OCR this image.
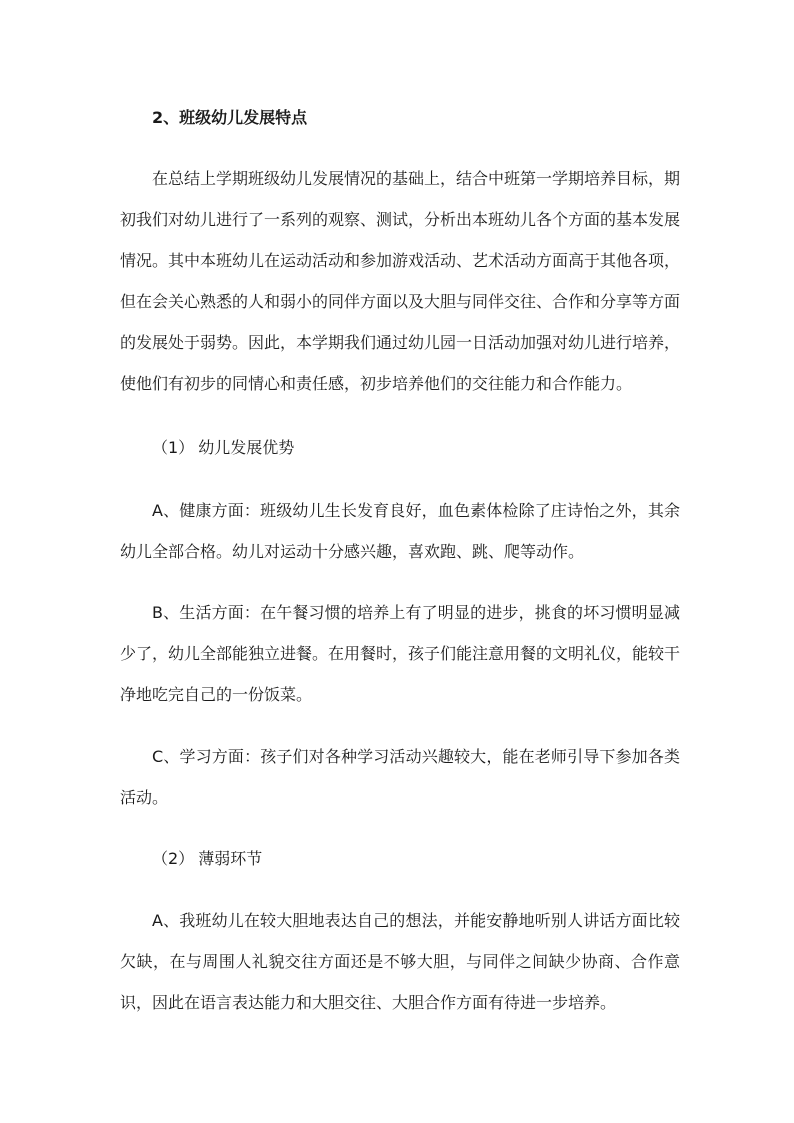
2、班级幼儿发展特点

在总结上学期班级幼儿发展情况的基础上，结合中班第一学期培养目标，期初我们对幼儿进行了一系列的观察、测试，分析出本班幼儿各个方面的基本发展情况。其中本班幼儿在运动活动和参加游戏活动、艺术活动方面高于其他各项，但在会关心熟悉的人和弱小的同伴方面以及大胆与同伴交往、合作和分享等方面的发展处于弱势。因此，本学期我们通过幼儿园一日活动加强对幼儿进行培养，使他们有初步的同情心和责任感，初步培养他们的交往能力和合作能力。

（1） 幼儿发展优势

A、健康方面：班级幼儿生长发育良好，血色素体检除了庄诗怡之外，其余幼儿全部合格。幼儿对运动十分感兴趣，喜欢跑、跳、爬等动作。

B、生活方面：在午餐习惯的培养上有了明显的进步，挑食的坏习惯明显减少了，幼儿全部能独立进餐。在用餐时，孩子们能注意用餐的文明礼仪，能较干净地吃完自己的一份饭菜。

C、学习方面：孩子们对各种学习活动兴趣较大，能在老师引导下参加各类活动。

（2） 薄弱环节

A、我班幼儿在较大胆地表达自己的想法，并能安静地听别人讲话方面比较欠缺，在与周围人礼貌交往方面还是不够大胆，与同伴之间缺少协商、合作意识，因此在语言表达能力和大胆交往、大胆合作方面有待进一步培养。
